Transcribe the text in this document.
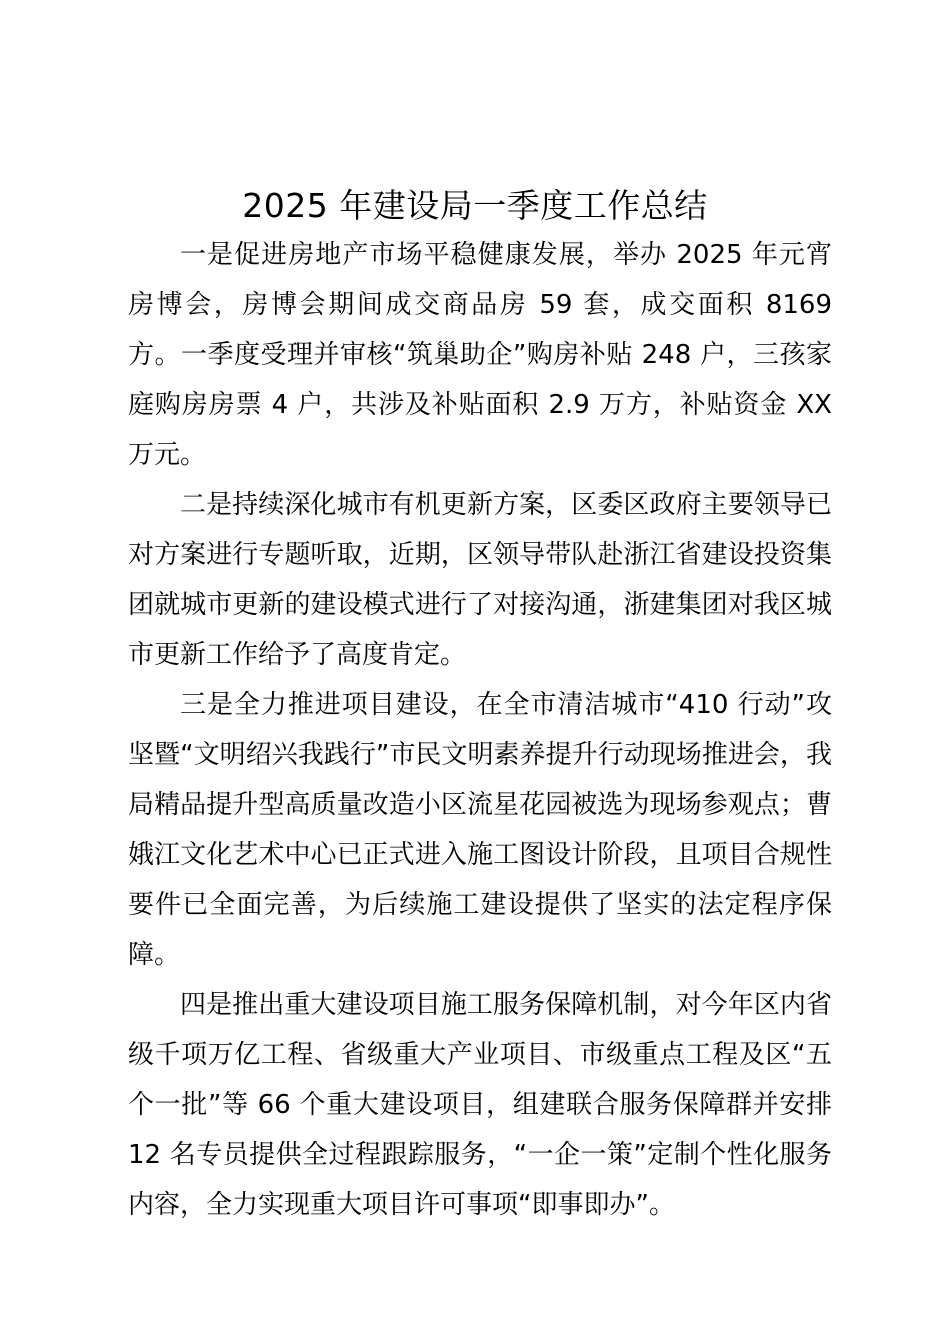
2025 年建设局一季度工作总结

一是促进房地产市场平稳健康发展，举办 2025 年元宵房博会，房博会期间成交商品房 59 套，成交面积 8169 方。一季度受理并审核“筑巢助企”购房补贴 248 户，三孩家庭购房房票 4 户，共涉及补贴面积 2.9 万方，补贴资金 XX 万元。

二是持续深化城市有机更新方案，区委区政府主要领导已对方案进行专题听取，近期，区领导带队赴浙江省建设投资集团就城市更新的建设模式进行了对接沟通，浙建集团对我区城市更新工作给予了高度肯定。

三是全力推进项目建设，在全市清洁城市“410 行动”攻坚暨“文明绍兴我践行”市民文明素养提升行动现场推进会，我局精品提升型高质量改造小区流星花园被选为现场参观点；曹娥江文化艺术中心已正式进入施工图设计阶段，且项目合规性要件已全面完善，为后续施工建设提供了坚实的法定程序保障。

四是推出重大建设项目施工服务保障机制，对今年区内省级千项万亿工程、省级重大产业项目、市级重点工程及区“五个一批”等 66 个重大建设项目，组建联合服务保障群并安排 12 名专员提供全过程跟踪服务，“一企一策”定制个性化服务内容，全力实现重大项目许可事项“即事即办”。
